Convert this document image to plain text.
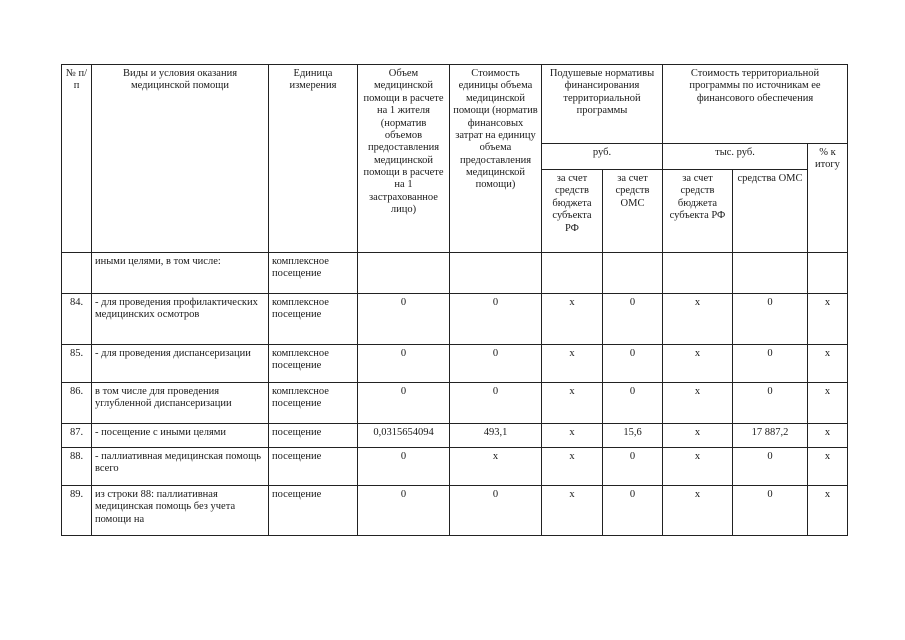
№ п/п	Виды и условия оказания медицинской помощи	Единица измерения	Объем медицинской помощи в расчете на 1 жителя (норматив объемов предоставления медицинской помощи в расчете на 1 застрахованное лицо)	Стоимость единицы объема медицинской помощи (норматив финансовых затрат на единицу объема предоставления медицинской помощи)	Подушевые нормативы финансирования территориальной программы		Стоимость территориальной программы по источникам ее финансового обеспечения		
					руб.		тыс. руб.		% к итогу
					за счет средств бюджета субъекта РФ	за счет средств ОМС	за счет средств бюджета субъекта РФ	средства ОМС	
	иными целями, в том числе:	комплексное посещение							
84.	- для проведения профилактических медицинских осмотров	комплексное посещение	0	0	х	0	х	0	х
85.	- для проведения диспансеризации	комплексное посещение	0	0	х	0	х	0	х
86.	в том числе для проведения углубленной диспансеризации	комплексное посещение	0	0	х	0	х	0	х
87.	- посещение с иными целями	посещение	0,0315654094	493,1	х	15,6	х	17 887,2	х
88.	- паллиативная медицинская помощь всего	посещение	0	х	х	0	х	0	х
89.	из строки 88: паллиативная медицинская помощь без учета помощи на	посещение	0	0	х	0	х	0	х
